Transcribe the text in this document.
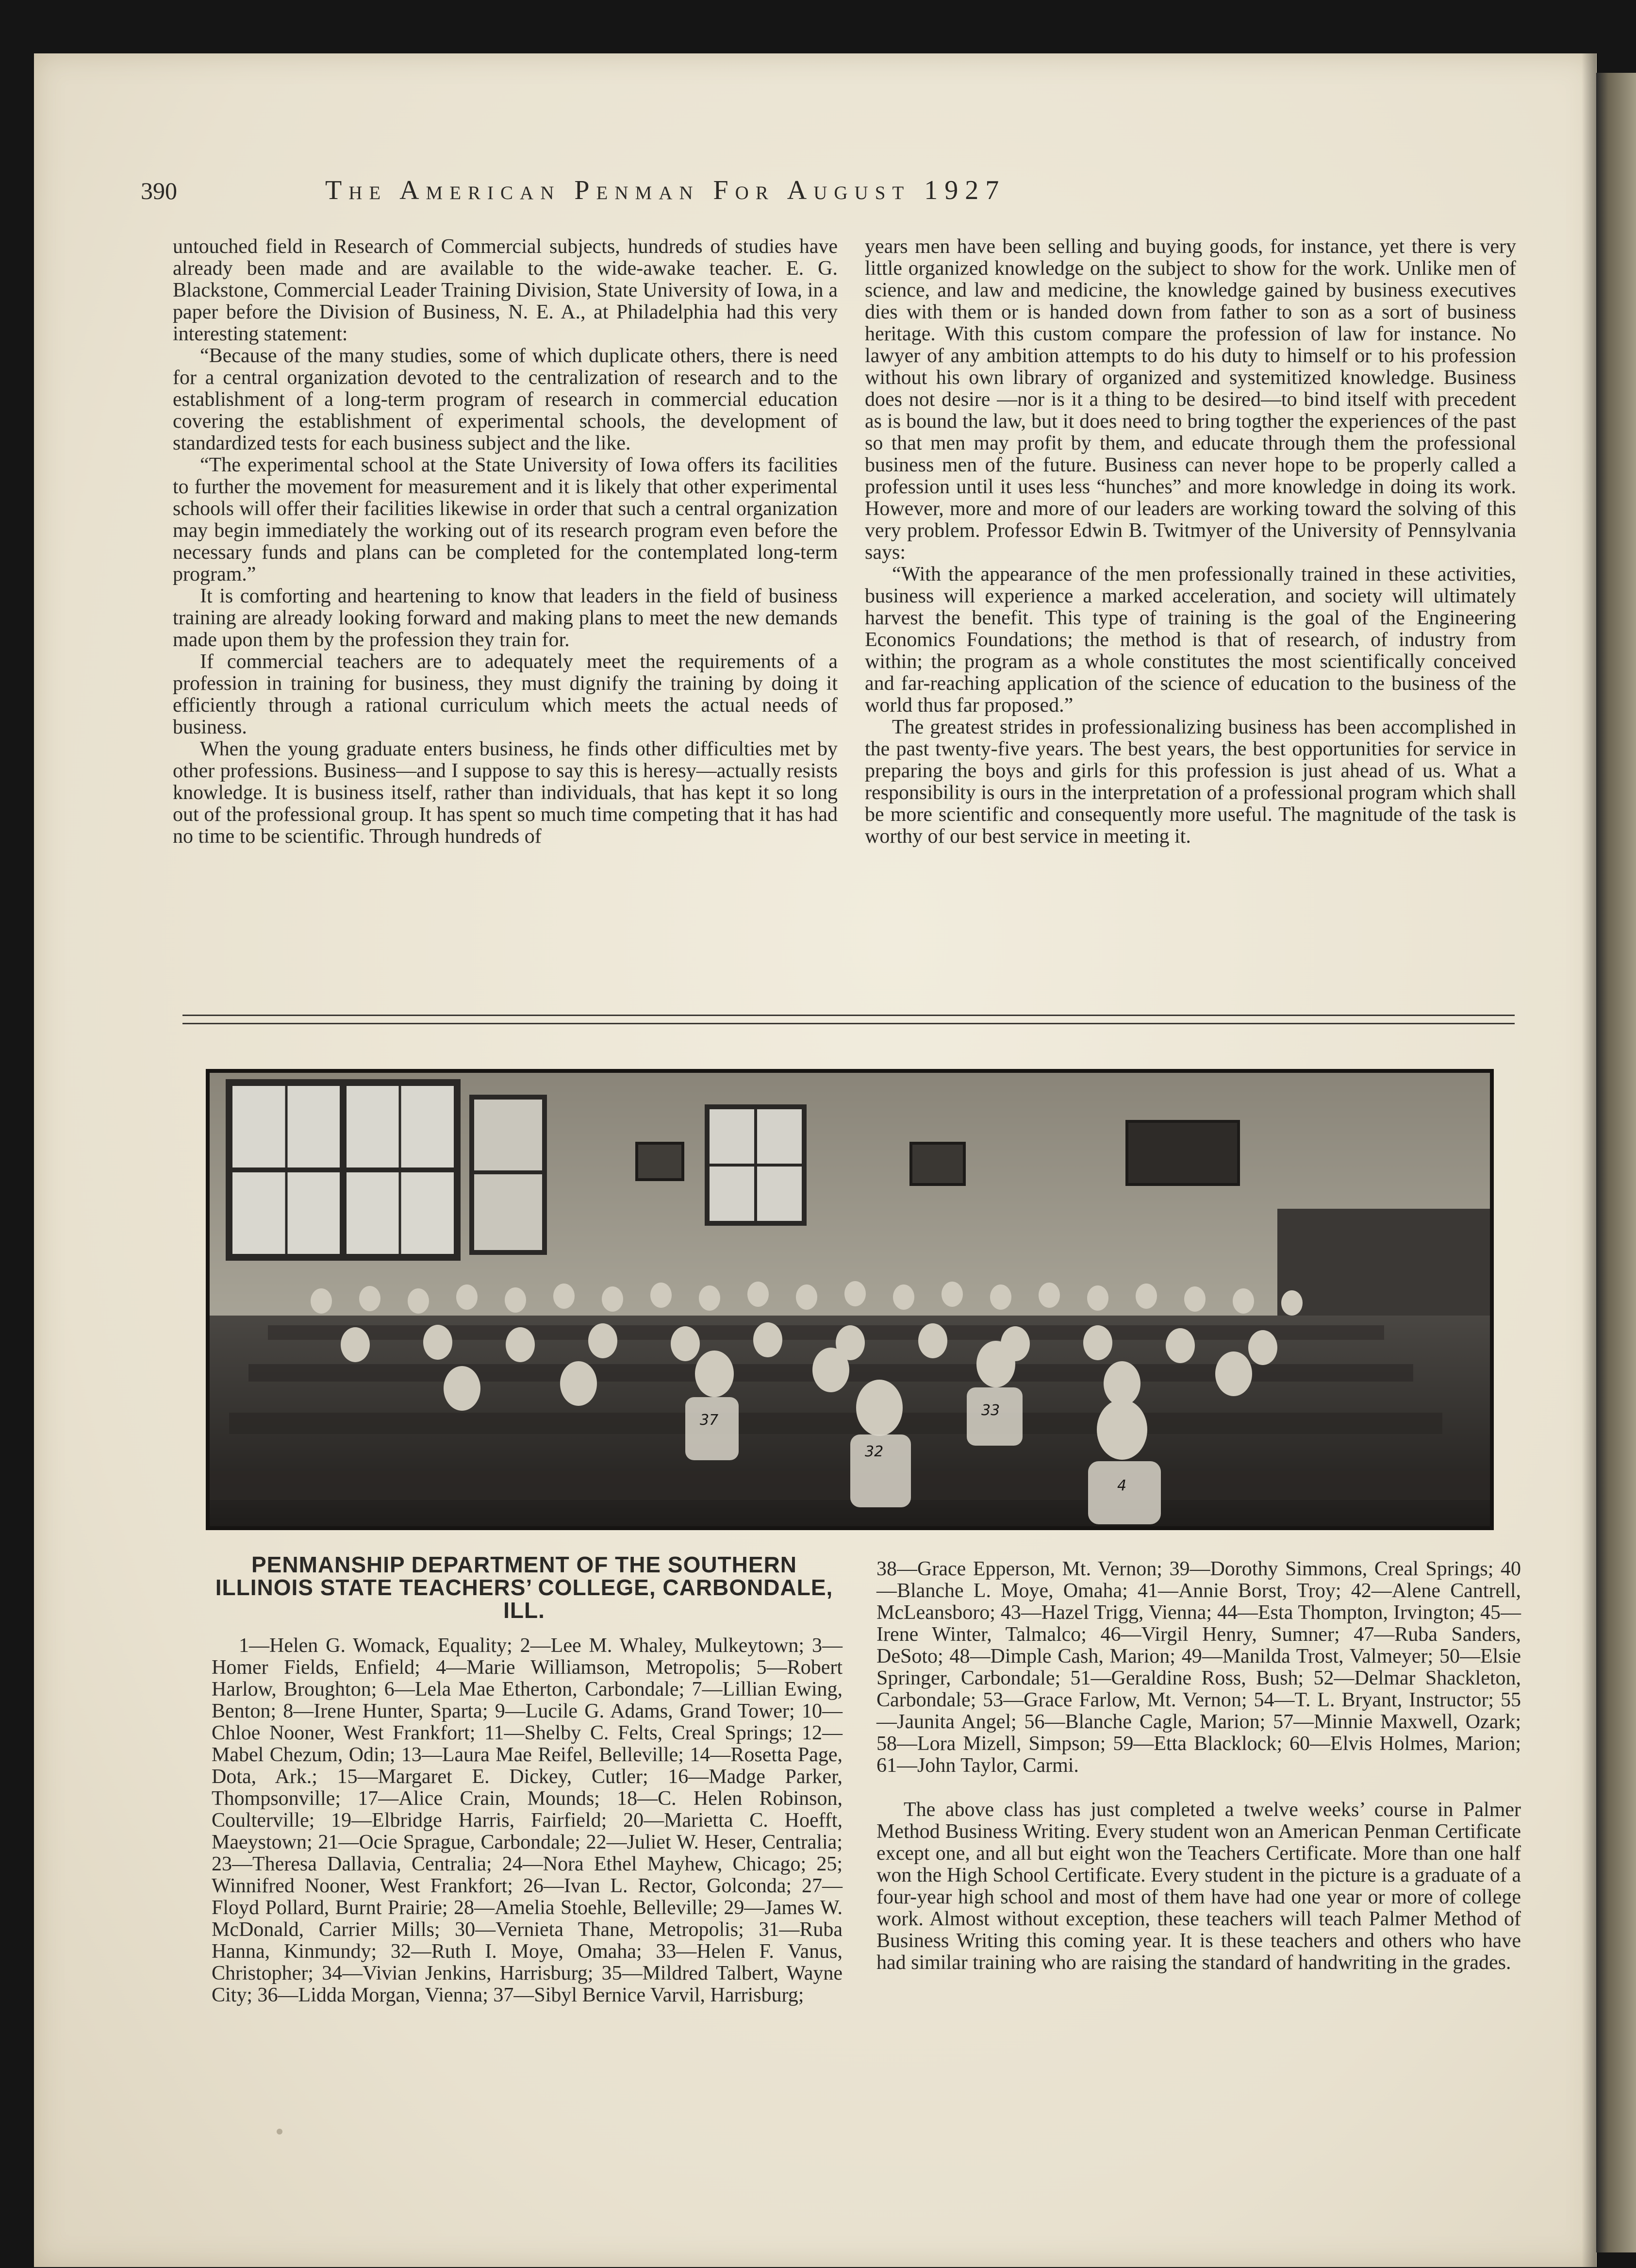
390	The American Penman For August 1927

untouched field in Research of Commercial subjects, hundreds of studies have already been made and are available to the wide-awake teacher. E. G. Blackstone, Commercial Leader Training Division, State University of Iowa, in a paper before the Division of Business, N. E. A., at Philadelphia had this very interesting statement:

“Because of the many studies, some of which duplicate others, there is need for a central organization devoted to the centralization of research and to the establishment of a long-term program of research in commercial education covering the establishment of experimental schools, the development of standardized tests for each business subject and the like.

“The experimental school at the State University of Iowa offers its facilities to further the movement for measurement and it is likely that other experimental schools will offer their facilities likewise in order that such a central organization may begin immediately the working out of its research program even before the necessary funds and plans can be completed for the contemplated long-term program.”

It is comforting and heartening to know that leaders in the field of business training are already looking forward and making plans to meet the new demands made upon them by the profession they train for.

If commercial teachers are to adequately meet the requirements of a profession in training for business, they must dignify the training by doing it efficiently through a rational curriculum which meets the actual needs of business.

When the young graduate enters business, he finds other difficulties met by other professions. Business—and I suppose to say this is heresy—actually resists knowledge. It is business itself, rather than individuals, that has kept it so long out of the professional group. It has spent so much time competing that it has had no time to be scientific. Through hundreds of

years men have been selling and buying goods, for instance, yet there is very little organized knowledge on the subject to show for the work. Unlike men of science, and law and medicine, the knowledge gained by business executives dies with them or is handed down from father to son as a sort of business heritage. With this custom compare the profession of law for instance. No lawyer of any ambition attempts to do his duty to himself or to his profession without his own library of organized and systemitized knowledge. Business does not desire —nor is it a thing to be desired—to bind itself with precedent as is bound the law, but it does need to bring togther the experiences of the past so that men may profit by them, and educate through them the professional business men of the future. Business can never hope to be properly called a profession until it uses less “hunches” and more knowledge in doing its work. However, more and more of our leaders are working toward the solving of this very problem. Professor Edwin B. Twitmyer of the University of Pennsylvania says:

“With the appearance of the men professionally trained in these activities, business will experience a marked acceleration, and society will ultimately harvest the benefit. This type of training is the goal of the Engineering Economics Foundations; the method is that of research, of industry from within; the program as a whole constitutes the most scientifically conceived and far-reaching application of the science of education to the business of the world thus far proposed.”

The greatest strides in professionalizing business has been accomplished in the past twenty-five years. The best years, the best opportunities for service in preparing the boys and girls for this profession is just ahead of us. What a responsibility is ours in the interpretation of a professional program which shall be more scientific and consequently more useful. The magnitude of the task is worthy of our best service in meeting it.

37
32
33
4
PENMANSHIP DEPARTMENT OF THE SOUTHERN ILLINOIS STATE TEACHERS’ COLLEGE, CARBONDALE, ILL.

1—Helen G. Womack, Equality; 2—Lee M. Whaley, Mulkeytown; 3—Homer Fields, Enfield; 4—Marie Williamson, Metropolis; 5—Robert Harlow, Broughton; 6—Lela Mae Etherton, Carbondale; 7—Lillian Ewing, Benton; 8—Irene Hunter, Sparta; 9—Lucile G. Adams, Grand Tower; 10—Chloe Nooner, West Frankfort; 11—Shelby C. Felts, Creal Springs; 12—Mabel Chezum, Odin; 13—Laura Mae Reifel, Belleville; 14—Rosetta Page, Dota, Ark.; 15—Margaret E. Dickey, Cutler; 16—Madge Parker, Thompsonville; 17—Alice Crain, Mounds; 18—C. Helen Robinson, Coulterville; 19—Elbridge Harris, Fairfield; 20—Marietta C. Hoefft, Maeystown; 21—Ocie Sprague, Carbondale; 22—Juliet W. Heser, Centralia; 23—Theresa Dallavia, Centralia; 24—Nora Ethel Mayhew, Chicago; 25; Winnifred Nooner, West Frankfort; 26—Ivan L. Rector, Golconda; 27—Floyd Pollard, Burnt Prairie; 28—Amelia Stoehle, Belleville; 29—James W. McDonald, Carrier Mills; 30—Vernieta Thane, Metropolis; 31—Ruba Hanna, Kinmundy; 32—Ruth I. Moye, Omaha; 33—Helen F. Vanus, Christopher; 34—Vivian Jenkins, Harrisburg; 35—Mildred Talbert, Wayne City; 36—Lidda Morgan, Vienna; 37—Sibyl Bernice Varvil, Harrisburg;

38—Grace Epperson, Mt. Vernon; 39—Dorothy Simmons, Creal Springs; 40—Blanche L. Moye, Omaha; 41—Annie Borst, Troy; 42—Alene Cantrell, McLeansboro; 43—Hazel Trigg, Vienna; 44—Esta Thompton, Irvington; 45—Irene Winter, Talmalco; 46—Virgil Henry, Sumner; 47—Ruba Sanders, DeSoto; 48—Dimple Cash, Marion; 49—Manilda Trost, Valmeyer; 50—Elsie Springer, Carbondale; 51—Geraldine Ross, Bush; 52—Delmar Shackleton, Carbondale; 53—Grace Farlow, Mt. Vernon; 54—T. L. Bryant, Instructor; 55—Jaunita Angel; 56—Blanche Cagle, Marion; 57—Minnie Maxwell, Ozark; 58—Lora Mizell, Simpson; 59—Etta Blacklock; 60—Elvis Holmes, Marion; 61—John Taylor, Carmi.

The above class has just completed a twelve weeks’ course in Palmer Method Business Writing. Every student won an American Penman Certificate except one, and all but eight won the Teachers Certificate. More than one half won the High School Certificate. Every student in the picture is a graduate of a four-year high school and most of them have had one year or more of college work. Almost without exception, these teachers will teach Palmer Method of Business Writing this coming year. It is these teachers and others who have had similar training who are raising the standard of handwriting in the grades.
